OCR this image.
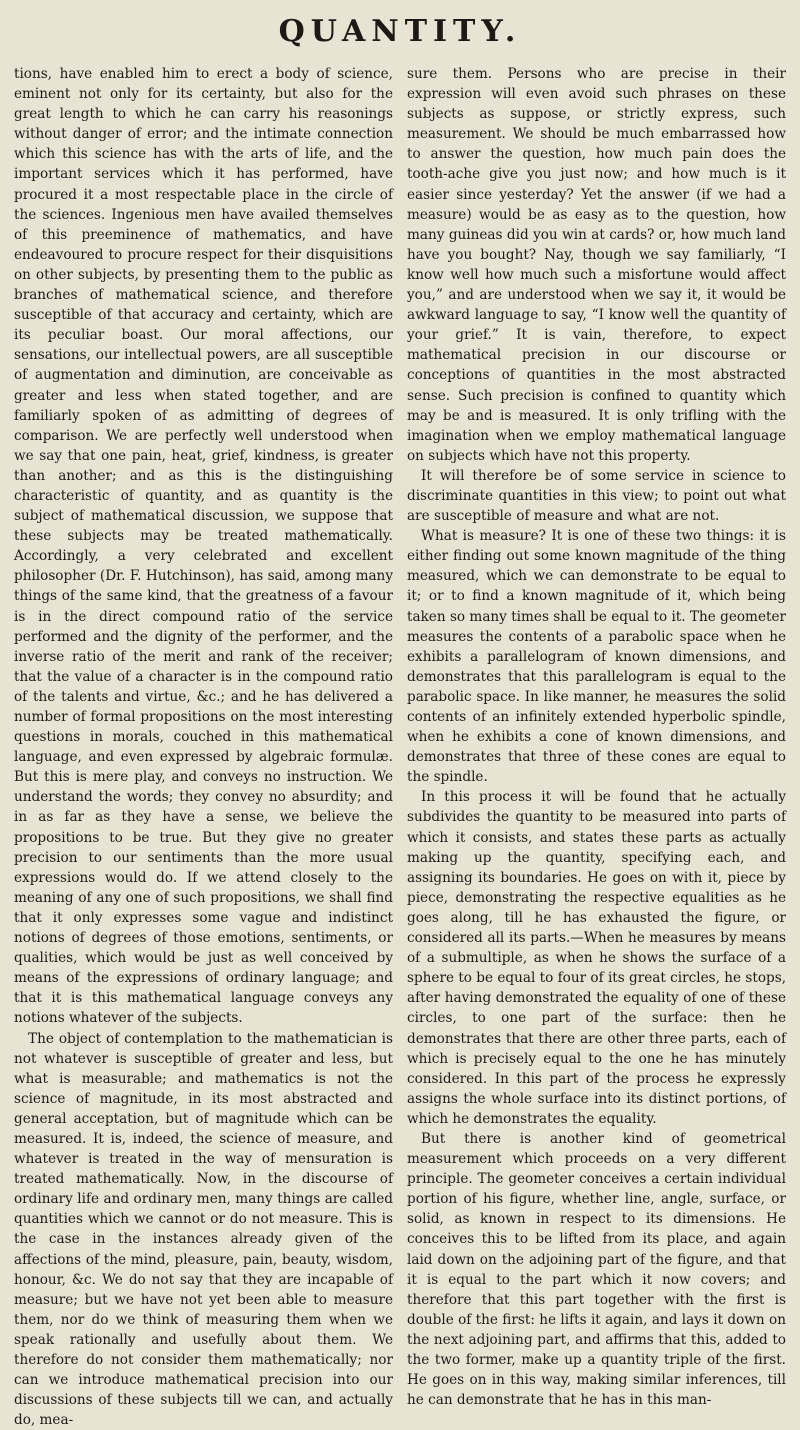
QUANTITY.

tions, have enabled him to erect a body of science, eminent not only for its certainty, but also for the great length to which he can carry his reasonings without danger of error; and the intimate connection which this science has with the arts of life, and the important services which it has performed, have procured it a most respectable place in the circle of the sciences. Ingenious men have availed themselves of this preeminence of mathematics, and have endeavoured to procure respect for their disquisitions on other subjects, by presenting them to the public as branches of mathematical science, and therefore susceptible of that accuracy and certainty, which are its peculiar boast. Our moral affections, our sensations, our intellectual powers, are all susceptible of augmentation and diminution, are conceivable as greater and less when stated together, and are familiarly spoken of as admitting of degrees of comparison. We are perfectly well understood when we say that one pain, heat, grief, kindness, is greater than another; and as this is the distinguishing characteristic of quantity, and as quantity is the subject of mathematical discussion, we suppose that these subjects may be treated mathematically. Accordingly, a very celebrated and excellent philosopher (Dr. F. Hutchinson), has said, among many things of the same kind, that the greatness of a favour is in the direct compound ratio of the service performed and the dignity of the performer, and the inverse ratio of the merit and rank of the receiver; that the value of a character is in the compound ratio of the talents and virtue, &c.; and he has delivered a number of formal propositions on the most interesting questions in morals, couched in this mathematical language, and even expressed by algebraic formulæ. But this is mere play, and conveys no instruction. We understand the words; they convey no absurdity; and in as far as they have a sense, we believe the propositions to be true. But they give no greater precision to our sentiments than the more usual expressions would do. If we attend closely to the meaning of any one of such propositions, we shall find that it only expresses some vague and indistinct notions of degrees of those emotions, sentiments, or qualities, which would be just as well conceived by means of the expressions of ordinary language; and that it is this mathematical language conveys any notions whatever of the subjects.

The object of contemplation to the mathematician is not whatever is susceptible of greater and less, but what is measurable; and mathematics is not the science of magnitude, in its most abstracted and general acceptation, but of magnitude which can be measured. It is, indeed, the science of measure, and whatever is treated in the way of mensuration is treated mathematically. Now, in the discourse of ordinary life and ordinary men, many things are called quantities which we cannot or do not measure. This is the case in the instances already given of the affections of the mind, pleasure, pain, beauty, wisdom, honour, &c. We do not say that they are incapable of measure; but we have not yet been able to measure them, nor do we think of measuring them when we speak rationally and usefully about them. We therefore do not consider them mathematically; nor can we introduce mathematical precision into our discussions of these subjects till we can, and actually do, mea-

sure them. Persons who are precise in their expression will even avoid such phrases on these subjects as suppose, or strictly express, such measurement. We should be much embarrassed how to answer the question, how much pain does the tooth-ache give you just now; and how much is it easier since yesterday? Yet the answer (if we had a measure) would be as easy as to the question, how many guineas did you win at cards? or, how much land have you bought? Nay, though we say familiarly, “I know well how much such a misfortune would affect you,” and are understood when we say it, it would be awkward language to say, “I know well the quantity of your grief.” It is vain, therefore, to expect mathematical precision in our discourse or conceptions of quantities in the most abstracted sense. Such precision is confined to quantity which may be and is measured. It is only trifling with the imagination when we employ mathematical language on subjects which have not this property.

It will therefore be of some service in science to discriminate quantities in this view; to point out what are susceptible of measure and what are not.

What is measure? It is one of these two things: it is either finding out some known magnitude of the thing measured, which we can demonstrate to be equal to it; or to find a known magnitude of it, which being taken so many times shall be equal to it. The geometer measures the contents of a parabolic space when he exhibits a parallelogram of known dimensions, and demonstrates that this parallelogram is equal to the parabolic space. In like manner, he measures the solid contents of an infinitely extended hyperbolic spindle, when he exhibits a cone of known dimensions, and demonstrates that three of these cones are equal to the spindle.

In this process it will be found that he actually subdivides the quantity to be measured into parts of which it consists, and states these parts as actually making up the quantity, specifying each, and assigning its boundaries. He goes on with it, piece by piece, demonstrating the respective equalities as he goes along, till he has exhausted the figure, or considered all its parts.—When he measures by means of a submultiple, as when he shows the surface of a sphere to be equal to four of its great circles, he stops, after having demonstrated the equality of one of these circles, to one part of the surface: then he demonstrates that there are other three parts, each of which is precisely equal to the one he has minutely considered. In this part of the process he expressly assigns the whole surface into its distinct portions, of which he demonstrates the equality.

But there is another kind of geometrical measurement which proceeds on a very different principle. The geometer conceives a certain individual portion of his figure, whether line, angle, surface, or solid, as known in respect to its dimensions. He conceives this to be lifted from its place, and again laid down on the adjoining part of the figure, and that it is equal to the part which it now covers; and therefore that this part together with the first is double of the first: he lifts it again, and lays it down on the next adjoining part, and affirms that this, added to the two former, make up a quantity triple of the first. He goes on in this way, making similar inferences, till he can demonstrate that he has in this man-
